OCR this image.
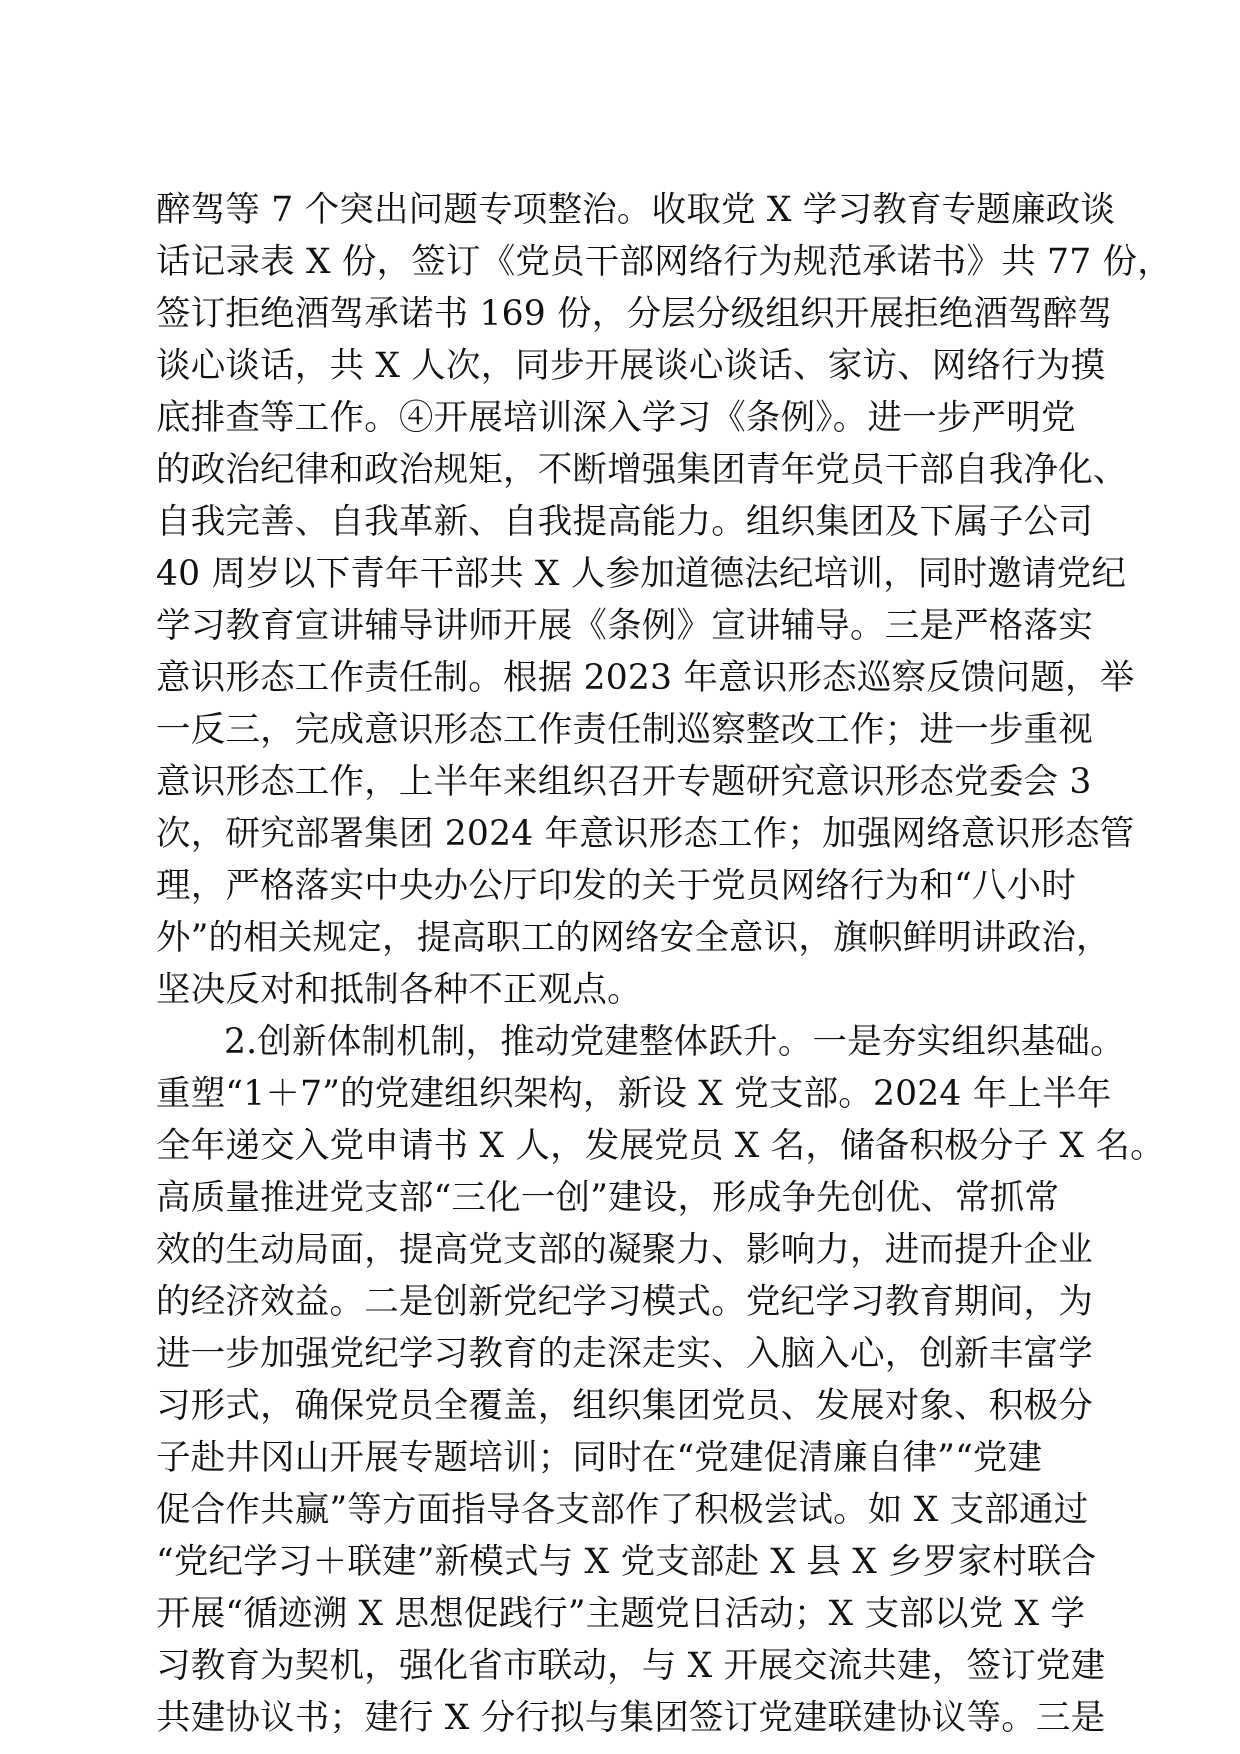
醉驾等 7 个突出问题专项整治。收取党 X 学习教育专题廉政谈
话记录表 X 份，签订《党员干部网络行为规范承诺书》共 77 份，
签订拒绝酒驾承诺书 169 份，分层分级组织开展拒绝酒驾醉驾
谈心谈话，共 X 人次，同步开展谈心谈话、家访、网络行为摸
底排查等工作。④开展培训深入学习《条例》。进一步严明党
的政治纪律和政治规矩，不断增强集团青年党员干部自我净化、
自我完善、自我革新、自我提高能力。组织集团及下属子公司
40 周岁以下青年干部共 X 人参加道德法纪培训，同时邀请党纪
学习教育宣讲辅导讲师开展《条例》宣讲辅导。三是严格落实
意识形态工作责任制。根据 2023 年意识形态巡察反馈问题，举
一反三，完成意识形态工作责任制巡察整改工作；进一步重视
意识形态工作，上半年来组织召开专题研究意识形态党委会 3
次，研究部署集团 2024 年意识形态工作；加强网络意识形态管
理，严格落实中央办公厅印发的关于党员网络行为和“八小时
外”的相关规定，提高职工的网络安全意识，旗帜鲜明讲政治，
坚决反对和抵制各种不正观点。
2.创新体制机制，推动党建整体跃升。一是夯实组织基础。
重塑“1＋7”的党建组织架构，新设 X 党支部。2024 年上半年
全年递交入党申请书 X 人，发展党员 X 名，储备积极分子 X 名。
高质量推进党支部“三化一创”建设，形成争先创优、常抓常
效的生动局面，提高党支部的凝聚力、影响力，进而提升企业
的经济效益。二是创新党纪学习模式。党纪学习教育期间，为
进一步加强党纪学习教育的走深走实、入脑入心，创新丰富学
习形式，确保党员全覆盖，组织集团党员、发展对象、积极分
子赴井冈山开展专题培训；同时在“党建促清廉自律”“党建
促合作共赢”等方面指导各支部作了积极尝试。如 X 支部通过
“党纪学习＋联建”新模式与 X 党支部赴 X 县 X 乡罗家村联合
开展“循迹溯 X 思想促践行”主题党日活动；X 支部以党 X 学
习教育为契机，强化省市联动，与 X 开展交流共建，签订党建
共建协议书；建行 X 分行拟与集团签订党建联建协议等。三是
